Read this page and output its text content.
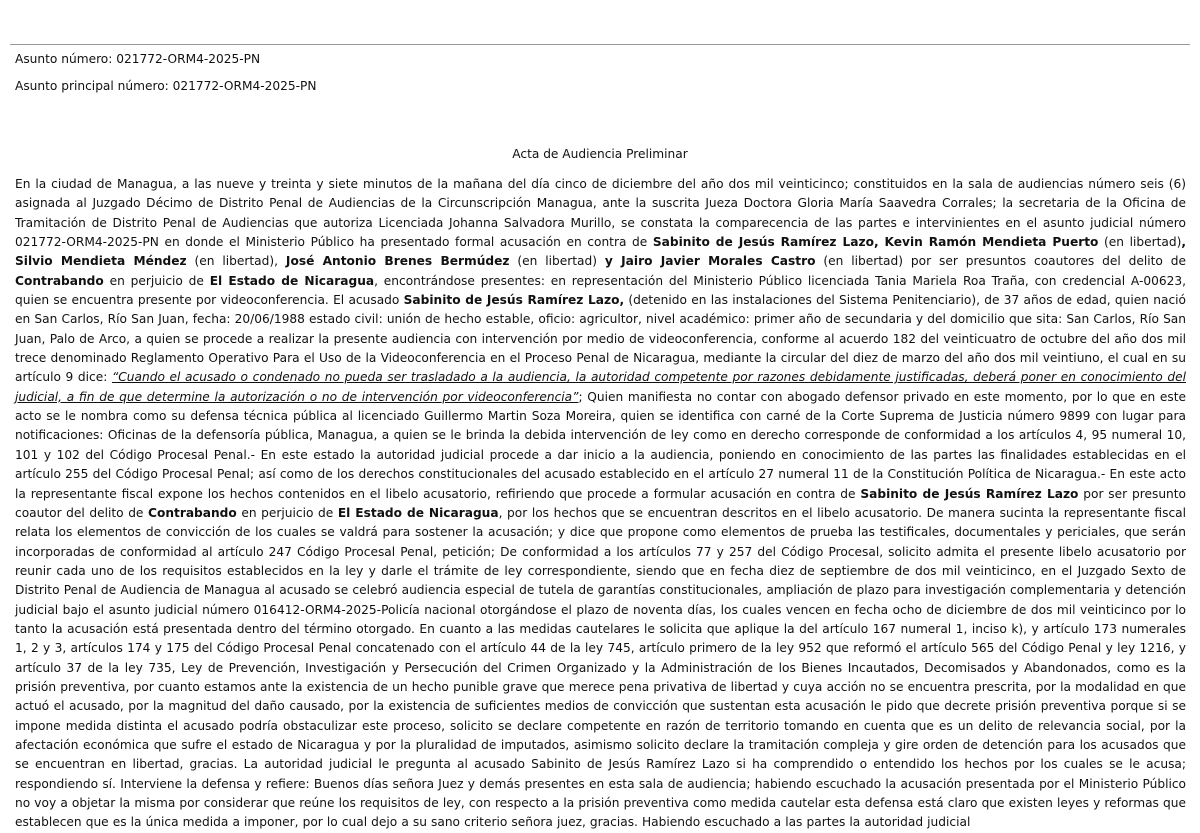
Asunto número: 021772-ORM4-2025-PN
Asunto principal número: 021772-ORM4-2025-PN
Acta de Audiencia Preliminar

En la ciudad de Managua, a las nueve y treinta y siete minutos de la mañana del día cinco de diciembre del año dos mil veinticinco; constituidos en la sala de audiencias número seis (6) asignada al Juzgado Décimo de Distrito Penal de Audiencias de la Circunscripción Managua, ante la suscrita Jueza Doctora Gloria María Saavedra Corrales; la secretaria de la Oficina de Tramitación de Distrito Penal de Audiencias que autoriza Licenciada Johanna Salvadora Murillo, se constata la comparecencia de las partes e intervinientes en el asunto judicial número 021772-ORM4-2025-PN en donde el Ministerio Público ha presentado formal acusación en contra de Sabinito de Jesús Ramírez Lazo, Kevin Ramón Mendieta Puerto (en libertad), Silvio Mendieta Méndez (en libertad), José Antonio Brenes Bermúdez (en libertad) y Jairo Javier Morales Castro (en libertad) por ser presuntos coautores del delito de Contrabando en perjuicio de El Estado de Nicaragua, encontrándose presentes: en representación del Ministerio Público licenciada Tania Mariela Roa Traña, con credencial A-00623, quien se encuentra presente por videoconferencia. El acusado Sabinito de Jesús Ramírez Lazo, (detenido en las instalaciones del Sistema Penitenciario), de 37 años de edad, quien nació en San Carlos, Río San Juan, fecha: 20/06/1988 estado civil: unión de hecho estable, oficio: agricultor, nivel académico: primer año de secundaria y del domicilio que sita: San Carlos, Río San Juan, Palo de Arco, a quien se procede a realizar la presente audiencia con intervención por medio de videoconferencia, conforme al acuerdo 182 del veinticuatro de octubre del año dos mil trece denominado Reglamento Operativo Para el Uso de la Videoconferencia en el Proceso Penal de Nicaragua, mediante la circular del diez de marzo del año dos mil veintiuno, el cual en su artículo 9 dice: “Cuando el acusado o condenado no pueda ser trasladado a la audiencia, la autoridad competente por razones debidamente justificadas, deberá poner en conocimiento del judicial, a fin de que determine la autorización o no de intervención por videoconferencia”; Quien manifiesta no contar con abogado defensor privado en este momento, por lo que en este acto se le nombra como su defensa técnica pública al licenciado Guillermo Martin Soza Moreira, quien se identifica con carné de la Corte Suprema de Justicia número 9899 con lugar para notificaciones: Oficinas de la defensoría pública, Managua, a quien se le brinda la debida intervención de ley como en derecho corresponde de conformidad a los artículos 4, 95 numeral 10, 101 y 102 del Código Procesal Penal.- En este estado la autoridad judicial procede a dar inicio a la audiencia, poniendo en conocimiento de las partes las finalidades establecidas en el artículo 255 del Código Procesal Penal; así como de los derechos constitucionales del acusado establecido en el artículo 27 numeral 11 de la Constitución Política de Nicaragua.- En este acto la representante fiscal expone los hechos contenidos en el libelo acusatorio, refiriendo que procede a formular acusación en contra de Sabinito de Jesús Ramírez Lazo por ser presunto coautor del delito de Contrabando en perjuicio de El Estado de Nicaragua, por los hechos que se encuentran descritos en el libelo acusatorio. De manera sucinta la representante fiscal relata los elementos de convicción de los cuales se valdrá para sostener la acusación; y dice que propone como elementos de prueba las testificales, documentales y periciales, que serán incorporadas de conformidad al artículo 247 Código Procesal Penal, petición; De conformidad a los artículos 77 y 257 del Código Procesal, solicito admita el presente libelo acusatorio por reunir cada uno de los requisitos establecidos en la ley y darle el trámite de ley correspondiente, siendo que en fecha diez de septiembre de dos mil veinticinco, en el Juzgado Sexto de Distrito Penal de Audiencia de Managua al acusado se celebró audiencia especial de tutela de garantías constitucionales, ampliación de plazo para investigación complementaria y detención judicial bajo el asunto judicial número 016412-ORM4-2025-Policía nacional otorgándose el plazo de noventa días, los cuales vencen en fecha ocho de diciembre de dos mil veinticinco por lo tanto la acusación está presentada dentro del término otorgado. En cuanto a las medidas cautelares le solicita que aplique la del artículo 167 numeral 1, inciso k), y artículo 173 numerales 1, 2 y 3, artículos 174 y 175 del Código Procesal Penal concatenado con el artículo 44 de la ley 745, artículo primero de la ley 952 que reformó el artículo 565 del Código Penal y ley 1216, y artículo 37 de la ley 735, Ley de Prevención, Investigación y Persecución del Crimen Organizado y la Administración de los Bienes Incautados, Decomisados y Abandonados, como es la prisión preventiva, por cuanto estamos ante la existencia de un hecho punible grave que merece pena privativa de libertad y cuya acción no se encuentra prescrita, por la modalidad en que actuó el acusado, por la magnitud del daño causado, por la existencia de suficientes medios de convicción que sustentan esta acusación le pido que decrete prisión preventiva porque si se impone medida distinta el acusado podría obstaculizar este proceso, solicito se declare competente en razón de territorio tomando en cuenta que es un delito de relevancia social, por la afectación económica que sufre el estado de Nicaragua y por la pluralidad de imputados, asimismo solicito declare la tramitación compleja y gire orden de detención para los acusados que se encuentran en libertad, gracias. La autoridad judicial le pregunta al acusado Sabinito de Jesús Ramírez Lazo si ha comprendido o entendido los hechos por los cuales se le acusa; respondiendo sí. Interviene la defensa y refiere: Buenos días señora Juez y demás presentes en esta sala de audiencia; habiendo escuchado la acusación presentada por el Ministerio Público no voy a objetar la misma por considerar que reúne los requisitos de ley, con respecto a la prisión preventiva como medida cautelar esta defensa está claro que existen leyes y reformas que establecen que es la única medida a imponer, por lo cual dejo a su sano criterio señora juez, gracias. Habiendo escuchado a las partes la autoridad judicial
